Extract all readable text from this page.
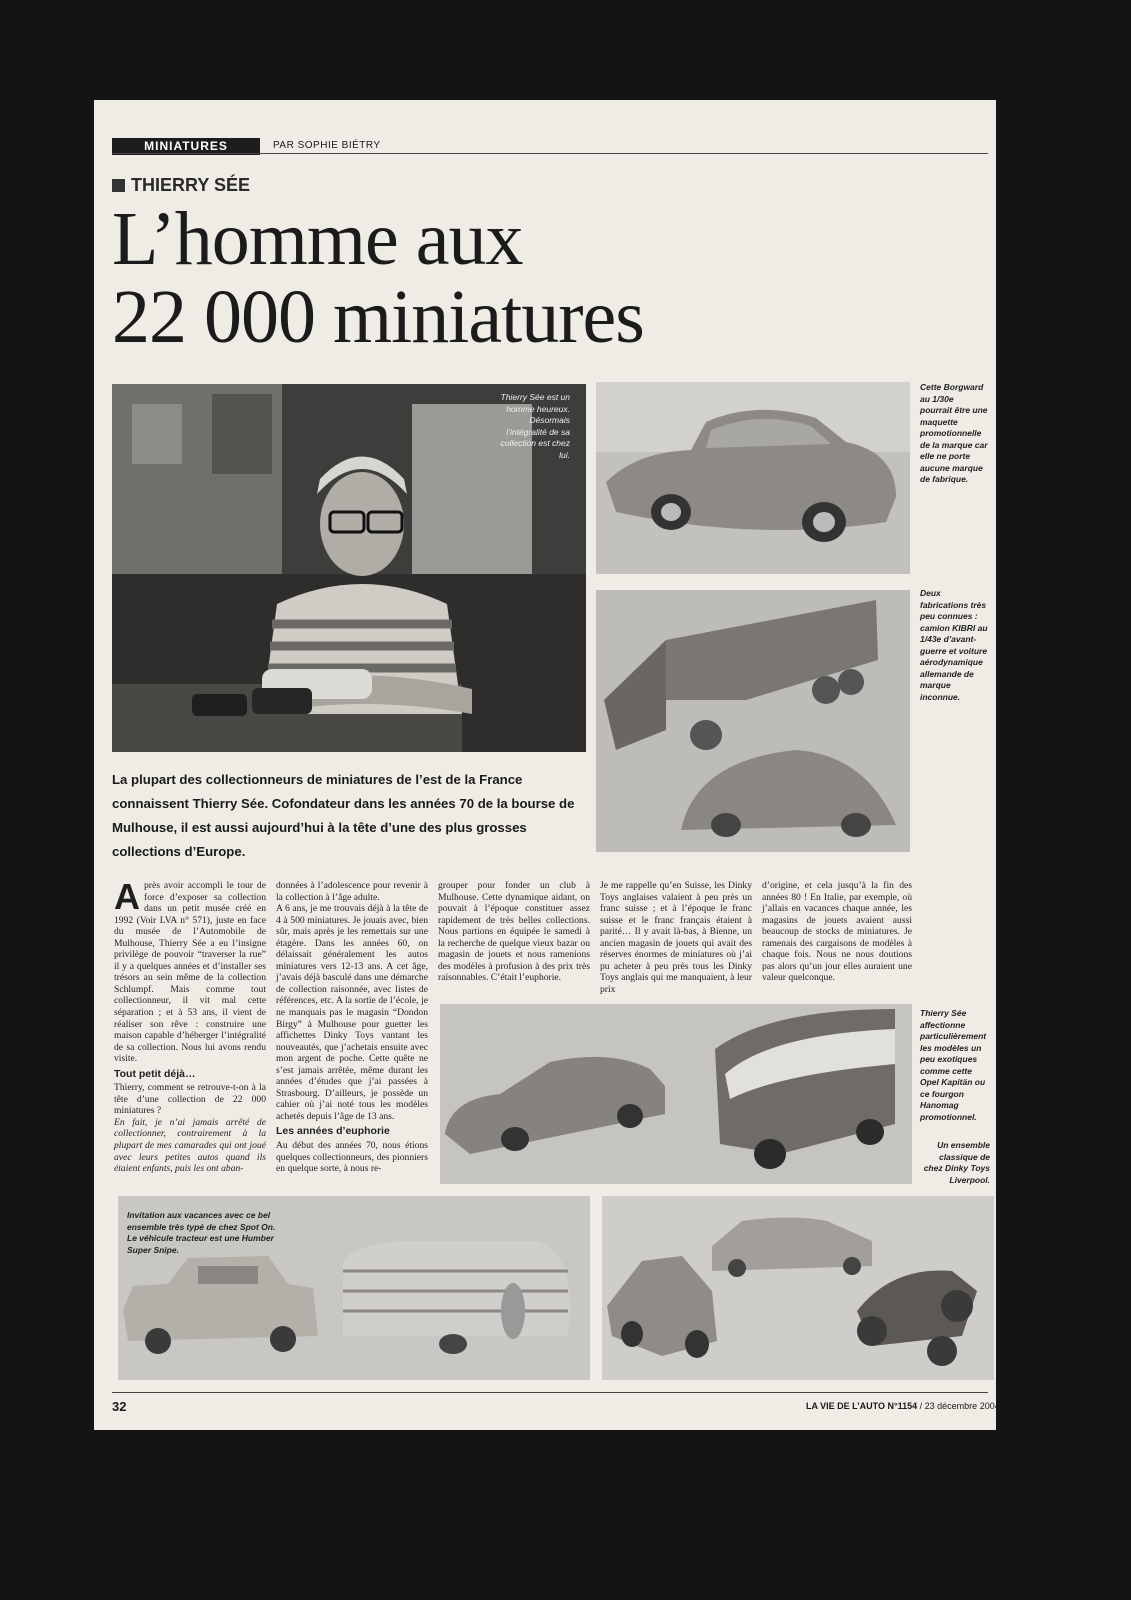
MINIATURES	PAR SOPHIE BIÉTRY
THIERRY SÉE
L’homme aux
22 000 miniatures
Thierry Sée est un homme heureux. Désormais l’intégralité de sa collection est chez lui.
Cette Borgward au 1/30e pourrait être une maquette promotionnelle de la marque car elle ne porte aucune marque de fabrique.
Deux fabrications très peu connues : camion KIBRI au 1/43e d’avant-guerre et voiture aérodynamique allemande de marque inconnue.
La plupart des collectionneurs de miniatures de l’est de la France connaissent Thierry Sée. Cofondateur dans les années 70 de la bourse de Mulhouse, il est aussi aujourd’hui à la tête d’une des plus grosses collections d’Europe.

Après avoir accompli le tour de force d’exposer sa collection dans un petit musée créé en 1992 (Voir LVA n° 571), juste en face du musée de l’Automobile de Mulhouse, Thierry Sée a eu l’insigne privilège de pouvoir “traverser la rue” il y a quelques années et d’installer ses trésors au sein même de la collection Schlumpf. Mais comme tout collectionneur, il vit mal cette séparation ; et à 53 ans, il vient de réaliser son rêve : construire une maison capable d’héberger l’intégralité de sa collection. Nous lui avons rendu visite.

Tout petit déjà…

Thierry, comment se retrouve-t-on à la tête d’une collection de 22 000 miniatures ?

En fait, je n’ai jamais arrêté de collectionner, contrairement à la plupart de mes camarades qui ont joué avec leurs petites autos quand ils étaient enfants, puis les ont aban-

données à l’adolescence pour revenir à la collection à l’âge adulte.

A 6 ans, je me trouvais déjà à la tête de 4 à 500 miniatures. Je jouais avec, bien sûr, mais après je les remettais sur une étagère. Dans les années 60, on délaissait généralement les autos miniatures vers 12-13 ans. A cet âge, j’avais déjà basculé dans une démarche de collection raisonnée, avec listes de références, etc. A la sortie de l’école, je ne manquais pas le magasin “Dondon Birgy” à Mulhouse pour guetter les affichettes Dinky Toys vantant les nouveautés, que j’achetais ensuite avec mon argent de poche. Cette quête ne s’est jamais arrêtée, même durant les années d’études que j’ai passées à Strasbourg. D’ailleurs, je possède un cahier où j’ai noté tous les modèles achetés depuis l’âge de 13 ans.

Les années d’euphorie

Au début des années 70, nous étions quelques collectionneurs, des pionniers en quelque sorte, à nous re-

grouper pour fonder un club à Mulhouse. Cette dynamique aidant, on pouvait à l’époque constituer assez rapidement de très belles collections. Nous partions en équipée le samedi à la recherche de quelque vieux bazar ou magasin de jouets et nous ramenions des modèles à profusion à des prix très raisonnables. C’était l’euphorie.

Je me rappelle qu’en Suisse, les Dinky Toys anglaises valaient à peu près un franc suisse ; et à l’époque le franc suisse et le franc français étaient à parité… Il y avait là-bas, à Bienne, un ancien magasin de jouets qui avait des réserves énormes de miniatures où j’ai pu acheter à peu près tous les Dinky Toys anglais qui me manquaient, à leur prix

d’origine, et cela jusqu’à la fin des années 80 ! En Italie, par exemple, où j’allais en vacances chaque année, les magasins de jouets avaient aussi beaucoup de stocks de miniatures. Je ramenais des cargaisons de modèles à chaque fois. Nous ne nous doutions pas alors qu’un jour elles auraient une valeur quelconque.

Thierry Sée affectionne particulièrement les modèles un peu exotiques comme cette Opel Kapitän ou ce fourgon Hanomag promotionnel.
Un ensemble classique de chez Dinky Toys Liverpool.
Invitation aux vacances avec ce bel ensemble très typé de chez Spot On. Le véhicule tracteur est une Humber Super Snipe.
32	LA VIE DE L’AUTO N°1154 / 23 décembre 2004
